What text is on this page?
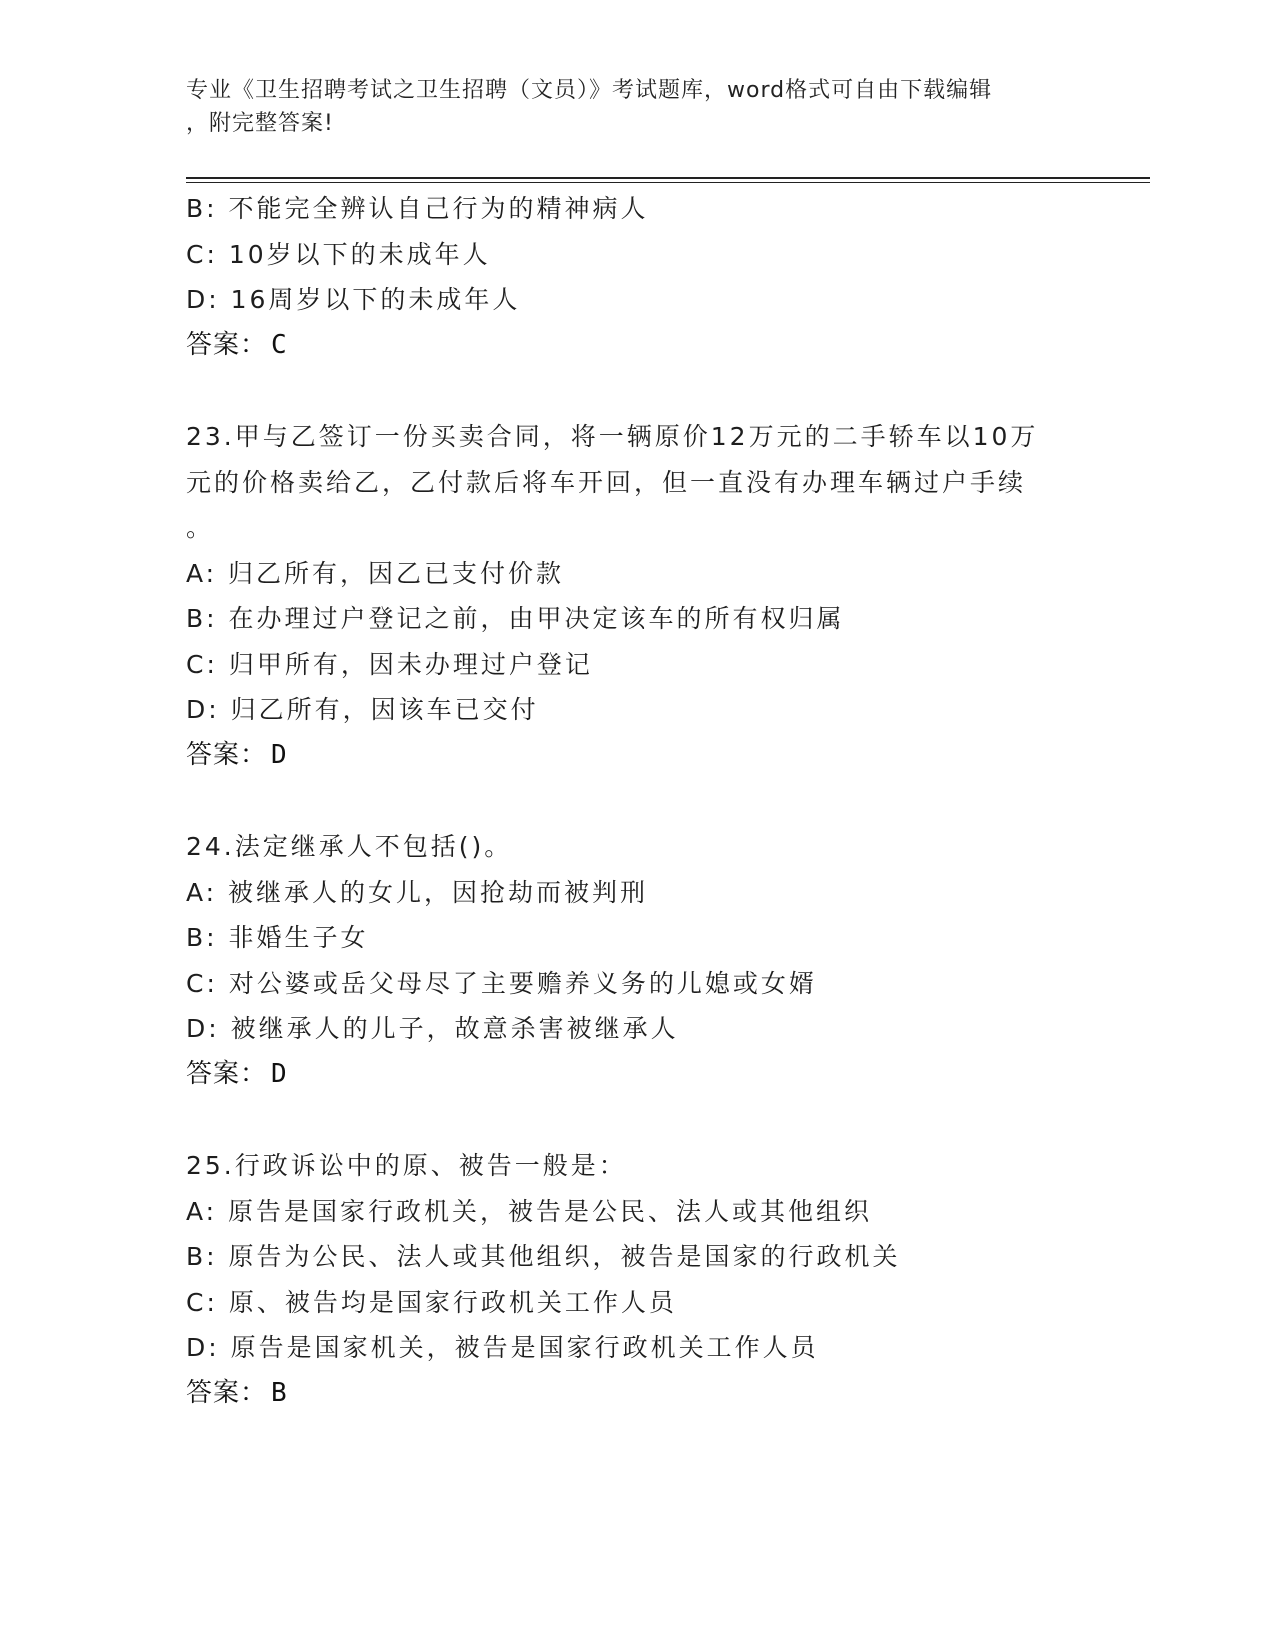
专业《卫生招聘考试之卫生招聘（文员）》考试题库，word格式可自由下载编辑
，附完整答案!
B: 不能完全辨认自己行为的精神病人
C: 10岁以下的未成年人
D: 16周岁以下的未成年人
答案： C
23.甲与乙签订一份买卖合同，将一辆原价12万元的二手轿车以10万
元的价格卖给乙，乙付款后将车开回，但一直没有办理车辆过户手续
。
A: 归乙所有，因乙已支付价款
B: 在办理过户登记之前，由甲决定该车的所有权归属
C: 归甲所有，因未办理过户登记
D: 归乙所有，因该车已交付
答案： D
24.法定继承人不包括()。
A: 被继承人的女儿，因抢劫而被判刑
B: 非婚生子女
C: 对公婆或岳父母尽了主要赡养义务的儿媳或女婿
D: 被继承人的儿子，故意杀害被继承人
答案： D
25.行政诉讼中的原、被告一般是：
A: 原告是国家行政机关，被告是公民、法人或其他组织
B: 原告为公民、法人或其他组织，被告是国家的行政机关
C: 原、被告均是国家行政机关工作人员
D: 原告是国家机关，被告是国家行政机关工作人员
答案： B
